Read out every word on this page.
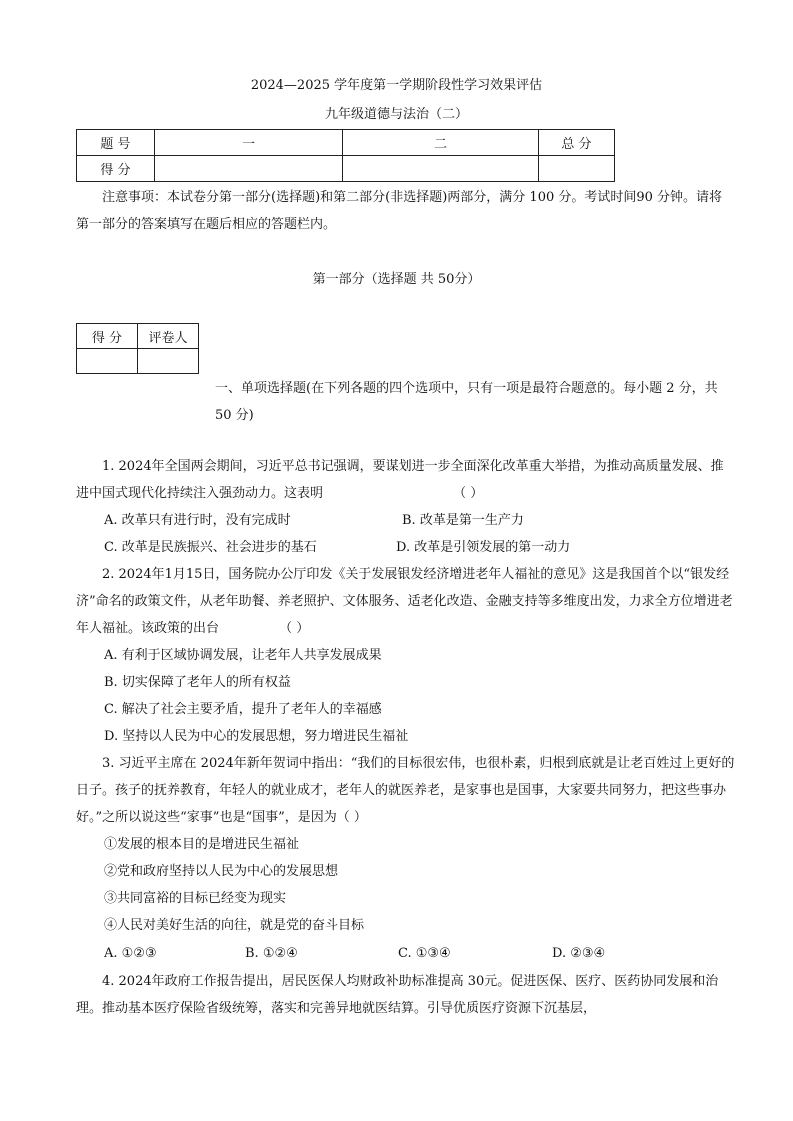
2024—2025 学年度第一学期阶段性学习效果评估
九年级道德与法治（二）
题 号	一	二	总 分
得 分			
注意事项：本试卷分第一部分(选择题)和第二部分(非选择题)两部分，满分 100 分。考试时间90 分钟。请将第一部分的答案填写在题后相应的答题栏内。
第一部分（选择题 共 50分）
得 分	评卷人

一、单项选择题(在下列各题的四个选项中，只有一项是最符合题意的。每小题 2 分，共 50 分)
1. 2024年全国两会期间，习近平总书记强调，要谋划进一步全面深化改革重大举措，为推动高质量发展、推进中国式现代化持续注入强劲动力。这表明	（ ）
A. 改革只有进行时，没有完成时	B. 改革是第一生产力
C. 改革是民族振兴、社会进步的基石	D. 改革是引领发展的第一动力
2. 2024年1月15日，国务院办公厅印发《关于发展银发经济增进老年人福祉的意见》这是我国首个以“银发经济”命名的政策文件，从老年助餐、养老照护、文体服务、适老化改造、金融支持等多维度出发，力求全方位增进老年人福祉。该政策的出台	（ ）
A. 有利于区域协调发展，让老年人共享发展成果
B. 切实保障了老年人的所有权益
C. 解决了社会主要矛盾，提升了老年人的幸福感
D. 坚持以人民为中心的发展思想，努力增进民生福祉
3. 习近平主席在 2024年新年贺词中指出：“我们的目标很宏伟，也很朴素，归根到底就是让老百姓过上更好的日子。孩子的抚养教育，年轻人的就业成才，老年人的就医养老，是家事也是国事，大家要共同努力，把这些事办好。”之所以说这些“家事”也是“国事”，是因为（ ）
①发展的根本目的是增进民生福祉
②党和政府坚持以人民为中心的发展思想
③共同富裕的目标已经变为现实
④人民对美好生活的向往，就是党的奋斗目标
A. ①②③	B. ①②④	C. ①③④	D. ②③④
4. 2024年政府工作报告提出，居民医保人均财政补助标准提高 30元。促进医保、医疗、医药协同发展和治理。推动基本医疗保险省级统筹，落实和完善异地就医结算。引导优质医疗资源下沉基层，
